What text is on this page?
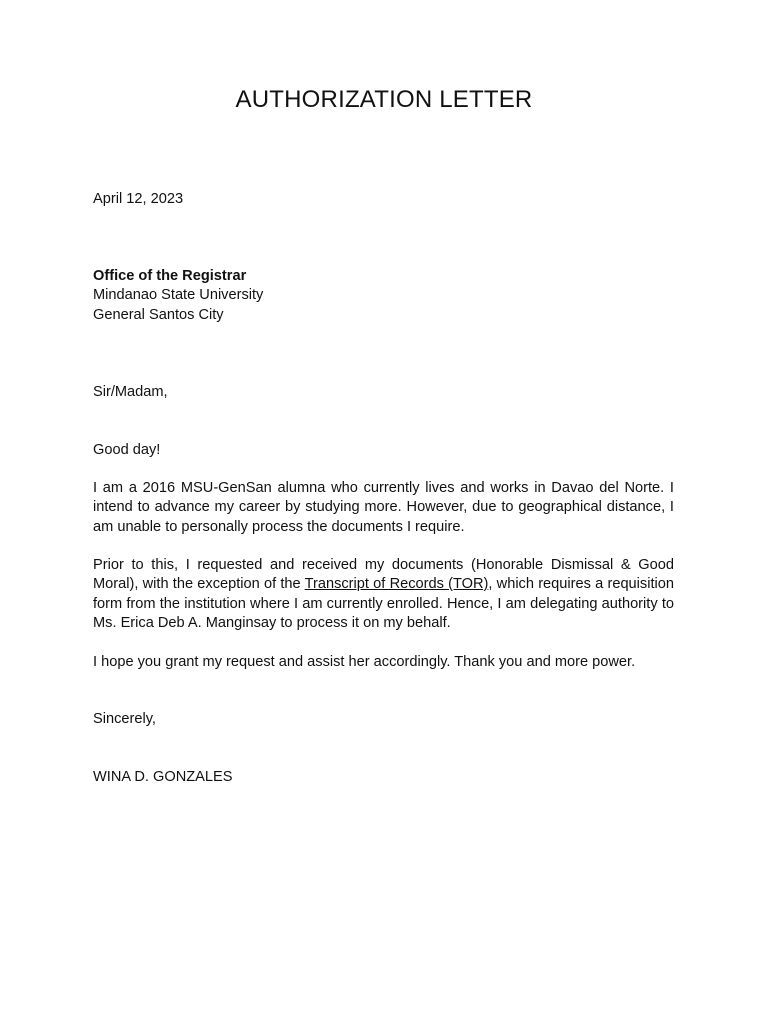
AUTHORIZATION LETTER
April 12, 2023
Office of the Registrar
Mindanao State University
General Santos City
Sir/Madam,
Good day!
I am a 2016 MSU-GenSan alumna who currently lives and works in Davao del Norte. I intend to advance my career by studying more. However, due to geographical distance, I am unable to personally process the documents I require.
Prior to this, I requested and received my documents (Honorable Dismissal & Good Moral), with the exception of the Transcript of Records (TOR), which requires a requisition form from the institution where I am currently enrolled. Hence, I am delegating authority to Ms. Erica Deb A. Manginsay to process it on my behalf.
I hope you grant my request and assist her accordingly. Thank you and more power.
Sincerely,
WINA D. GONZALES
